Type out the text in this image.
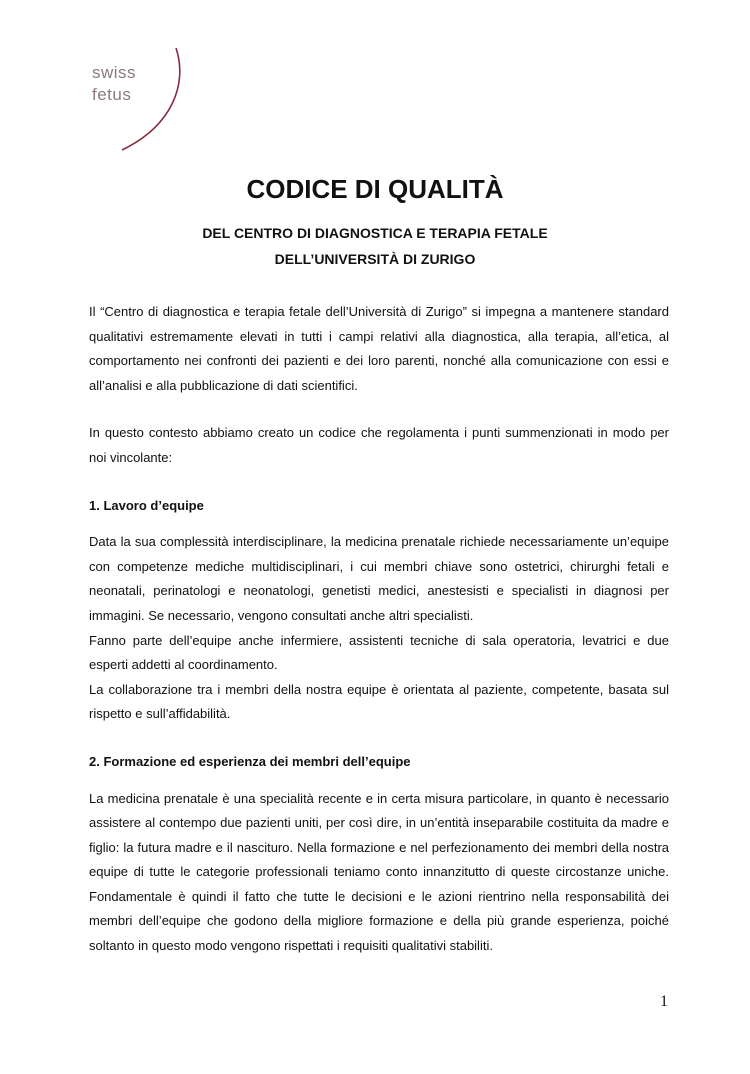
swiss
fetus
CODICE DI QUALITÀ
DEL CENTRO DI DIAGNOSTICA E TERAPIA FETALE
DELL’UNIVERSITÀ DI ZURIGO

Il “Centro di diagnostica e terapia fetale dell’Università di Zurigo” si impegna a mantenere standard qualitativi estremamente elevati in tutti i campi relativi alla diagnostica, alla terapia, all’etica, al comportamento nei confronti dei pazienti e dei loro parenti, nonché alla comunicazione con essi e all’analisi e alla pubblicazione di dati scientifici.

In questo contesto abbiamo creato un codice che regolamenta i punti summenzionati in modo per noi vincolante:

1. Lavoro d’equipe

Data la sua complessità interdisciplinare, la medicina prenatale richiede necessariamente un’equipe con competenze mediche multidisciplinari, i cui membri chiave sono ostetrici, chirurghi fetali e neonatali, perinatologi e neonatologi, genetisti medici, anestesisti e specialisti in diagnosi per immagini. Se necessario, vengono consultati anche altri specialisti.

Fanno parte dell’equipe anche infermiere, assistenti tecniche di sala operatoria, levatrici e due esperti addetti al coordinamento.

La collaborazione tra i membri della nostra equipe è orientata al paziente, competente, basata sul rispetto e sull’affidabilità.

2. Formazione ed esperienza dei membri dell’equipe

La medicina prenatale è una specialità recente e in certa misura particolare, in quanto è necessario assistere al contempo due pazienti uniti, per così dire, in un’entità inseparabile costituita da madre e figlio: la futura madre e il nascituro. Nella formazione e nel perfezionamento dei membri della nostra equipe di tutte le categorie professionali teniamo conto innanzitutto di queste circostanze uniche. Fondamentale è quindi il fatto che tutte le decisioni e le azioni rientrino nella responsabilità dei membri dell’equipe che godono della migliore formazione e della più grande esperienza, poiché soltanto in questo modo vengono rispettati i requisiti qualitativi stabiliti.

1
